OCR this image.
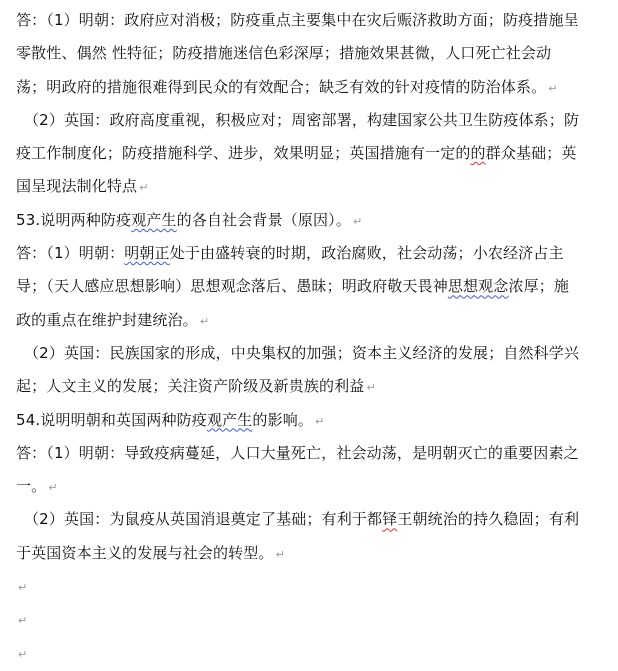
答：（1）明朝：政府应对消极；防疫重点主要集中在灾后赈济救助方面；防疫措施呈
零散性、偶然 性特征；防疫措施迷信色彩深厚；措施效果甚微，人口死亡社会动
荡；明政府的措施很难得到民众的有效配合；缺乏有效的针对疫情的防治体系。 ↵
（2）英国：政府高度重视，积极应对；周密部署，构建国家公共卫生防疫体系；防
疫工作制度化；防疫措施科学、进步，效果明显；英国措施有一定的的群众基础；英
国呈现法制化特点 ↵
53.说明两种防疫观产生的各自社会背景（原因）。 ↵
答：（1）明朝：明朝正处于由盛转衰的时期，政治腐败，社会动荡；小农经济占主
导；（天人感应思想影响）思想观念落后、愚昧；明政府敬天畏神思想观念浓厚；施
政的重点在维护封建统治。 ↵
（2）英国：民族国家的形成，中央集权的加强；资本主义经济的发展；自然科学兴
起；人文主义的发展；关注资产阶级及新贵族的利益 ↵
54.说明明朝和英国两种防疫观产生的影响。 ↵
答：（1）明朝：导致疫病蔓延，人口大量死亡，社会动荡，是明朝灭亡的重要因素之
一。 ↵
（2）英国：为鼠疫从英国消退奠定了基础；有利于都铎王朝统治的持久稳固；有利
于英国资本主义的发展与社会的转型。 ↵
↵
↵
↵
